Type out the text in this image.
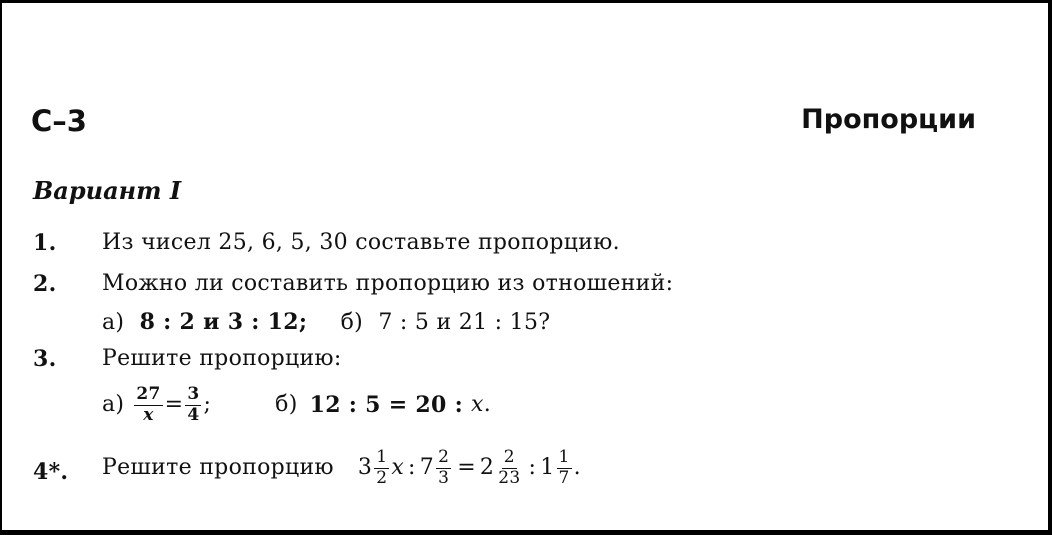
С–3	Пропорции
Вариант I
1. Из чисел 25, 6, 5, 30 составьте пропорцию.
2. Можно ли составить пропорцию из отношений:
а) 8 : 2 и 3 : 12; б) 7 : 5 и 21 : 15?
3. Решите пропорцию:
$а) \frac{27}{x} = \frac{3}{4}$ ;	б) 12 : 5 = 20 : x .
4*. Решите пропорцию $3 \frac{1}{2}$ x : $7 \frac{2}{3} = 2 \frac{2}{23}$ : $1 \frac{1}{7}$ .
